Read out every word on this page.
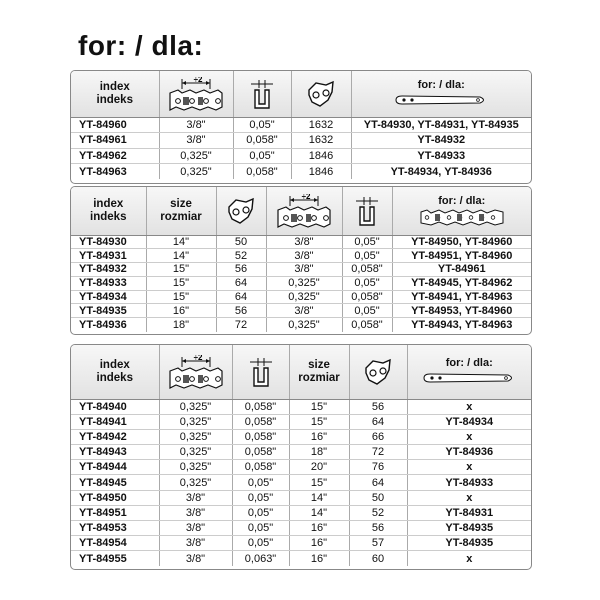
for: / dla:
index
indeks	÷2			for: / dla:

YT-84960	3/8"	0,05"	1632	YT-84930, YT-84931, YT-84935
YT-84961	3/8"	0,058"	1632	YT-84932
YT-84962	0,325"	0,05"	1846	YT-84933
YT-84963	0,325"	0,058"	1846	YT-84934, YT-84936
index
indeks	size
rozmiar		÷2		for: / dla:

YT-84930	14"	50	3/8"	0,05"	YT-84950, YT-84960
YT-84931	14"	52	3/8"	0,05"	YT-84951, YT-84960
YT-84932	15"	56	3/8"	0,058"	YT-84961
YT-84933	15"	64	0,325"	0,05"	YT-84945, YT-84962
YT-84934	15"	64	0,325"	0,058"	YT-84941, YT-84963
YT-84935	16"	56	3/8"	0,05"	YT-84953, YT-84960
YT-84936	18"	72	0,325"	0,058"	YT-84943, YT-84963
index
indeks	÷2		size
rozmiar		for: / dla:

YT-84940	0,325"	0,058"	15"	56	x
YT-84941	0,325"	0,058"	15"	64	YT-84934
YT-84942	0,325"	0,058"	16"	66	x
YT-84943	0,325"	0,058"	18"	72	YT-84936
YT-84944	0,325"	0,058"	20"	76	x
YT-84945	0,325"	0,05"	15"	64	YT-84933
YT-84950	3/8"	0,05"	14"	50	x
YT-84951	3/8"	0,05"	14"	52	YT-84931
YT-84953	3/8"	0,05"	16"	56	YT-84935
YT-84954	3/8"	0,05"	16"	57	YT-84935
YT-84955	3/8"	0,063"	16"	60	x
